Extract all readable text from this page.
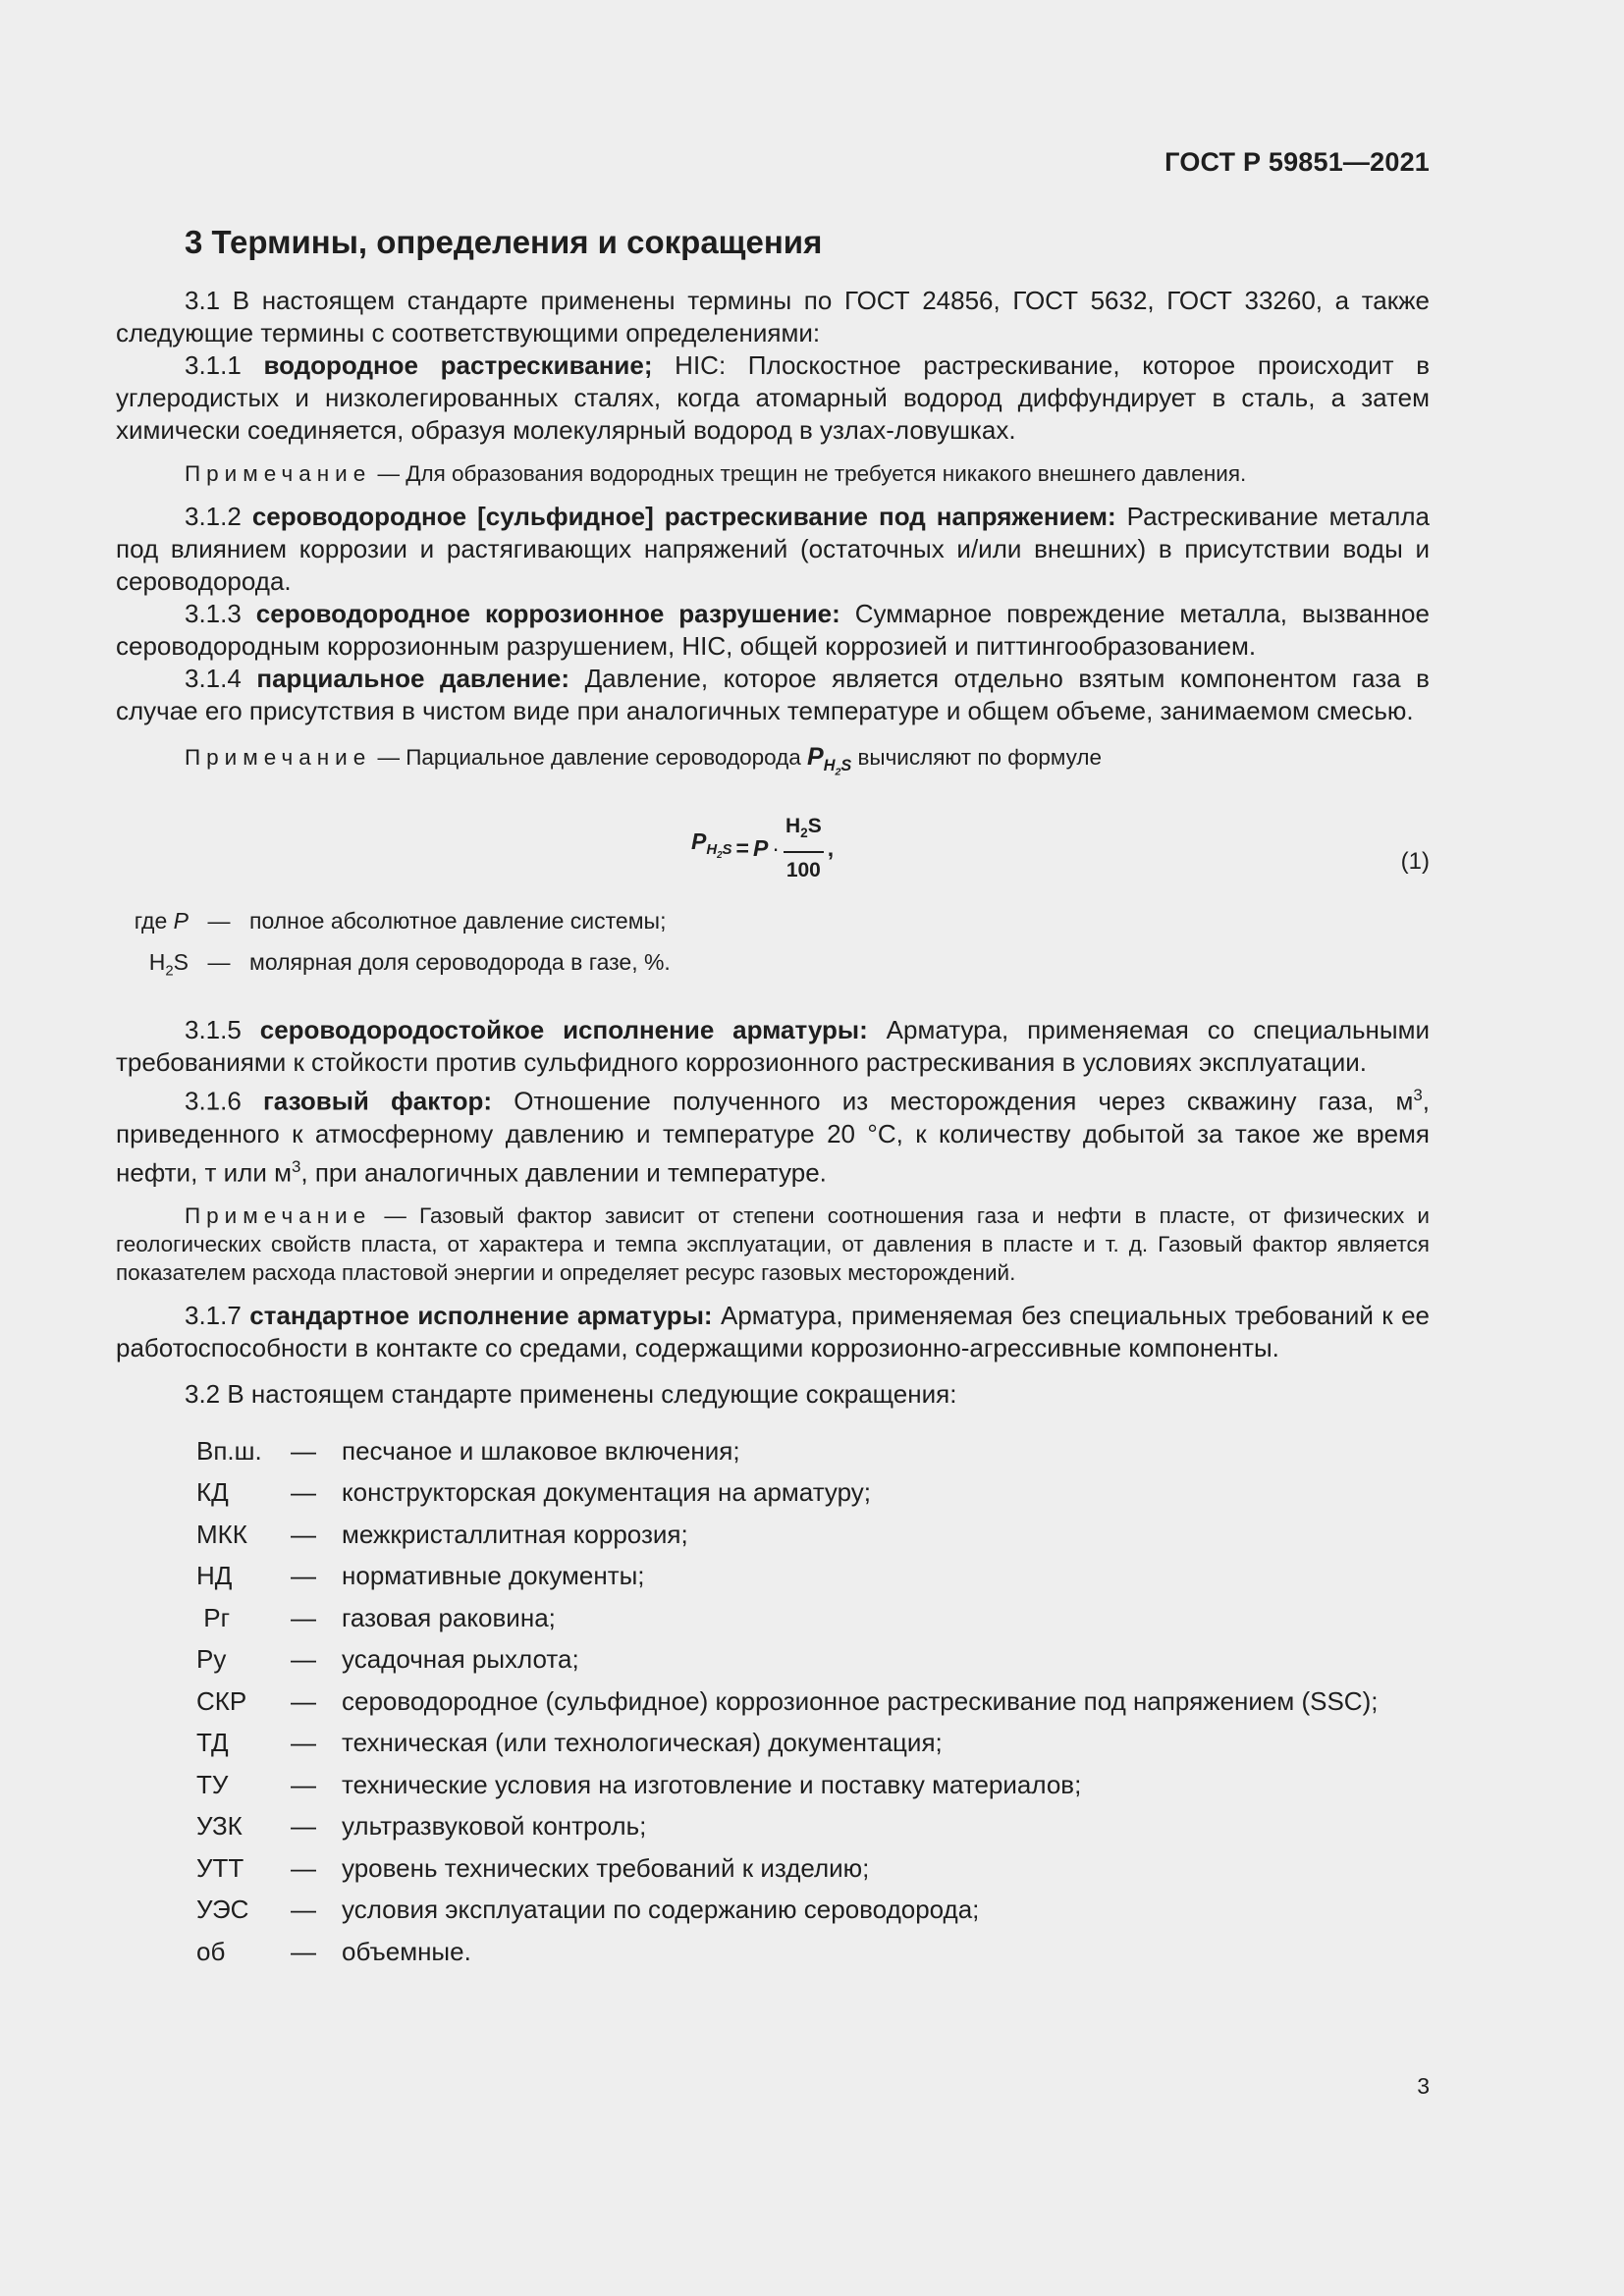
ГОСТ Р 59851—2021
3 Термины, определения и сокращения

3.1 В настоящем стандарте применены термины по ГОСТ 24856, ГОСТ 5632, ГОСТ 33260, а также следующие термины с соответствующими определениями:

3.1.1 водородное растрескивание; HIC: Плоскостное растрескивание, которое происходит в углеродистых и низколегированных сталях, когда атомарный водород диффундирует в сталь, а затем химически соединяется, образуя молекулярный водород в узлах-ловушках.

Примечание — Для образования водородных трещин не требуется никакого внешнего давления.

3.1.2 сероводородное [сульфидное] растрескивание под напряжением: Растрескивание металла под влиянием коррозии и растягивающих напряжений (остаточных и/или внешних) в присутствии воды и сероводорода.

3.1.3 сероводородное коррозионное разрушение: Суммарное повреждение металла, вызванное сероводородным коррозионным разрушением, HIC, общей коррозией и питтингообразованием.

3.1.4 парциальное давление: Давление, которое является отдельно взятым компонентом газа в случае его присутствия в чистом виде при аналогичных температуре и общем объеме, занимаемом смесью.

Примечание — Парциальное давление сероводорода $P_{H_2S}$ вычисляют по формуле

$P_{H_2S} = P \cdot \frac{H_2S}{100}$ ,
(1)
где P — полное абсолютное давление системы;
$H_2S$ — молярная доля сероводорода в газе, %.

3.1.5 сероводородостойкое исполнение арматуры: Арматура, применяемая со специальными требованиями к стойкости против сульфидного коррозионного растрескивания в условиях эксплуатации.

3.1.6 газовый фактор: Отношение полученного из месторождения через скважину газа, $м^3$, приведенного к атмосферному давлению и температуре 20 °С, к количеству добытой за такое же время нефти, т или $м^3$, при аналогичных давлении и температуре.

Примечание — Газовый фактор зависит от степени соотношения газа и нефти в пласте, от физических и геологических свойств пласта, от характера и темпа эксплуатации, от давления в пласте и т. д. Газовый фактор является показателем расхода пластовой энергии и определяет ресурс газовых месторождений.

3.1.7 стандартное исполнение арматуры: Арматура, применяемая без специальных требований к ее работоспособности в контакте со средами, содержащими коррозионно-агрессивные компоненты.

3.2 В настоящем стандарте применены следующие сокращения:

Вп.ш.	—	песчаное и шлаковое включения;
КД	—	конструкторская документация на арматуру;
МКК	—	межкристаллитная коррозия;
НД	—	нормативные документы;
Рг	—	газовая раковина;
Ру	—	усадочная рыхлота;
СКР	—	сероводородное (сульфидное) коррозионное растрескивание под напряжением (SSC);
ТД	—	техническая (или технологическая) документация;
ТУ	—	технические условия на изготовление и поставку материалов;
УЗК	—	ультразвуковой контроль;
УТТ	—	уровень технических требований к изделию;
УЭС	—	условия эксплуатации по содержанию сероводорода;
об	—	объемные.
3
